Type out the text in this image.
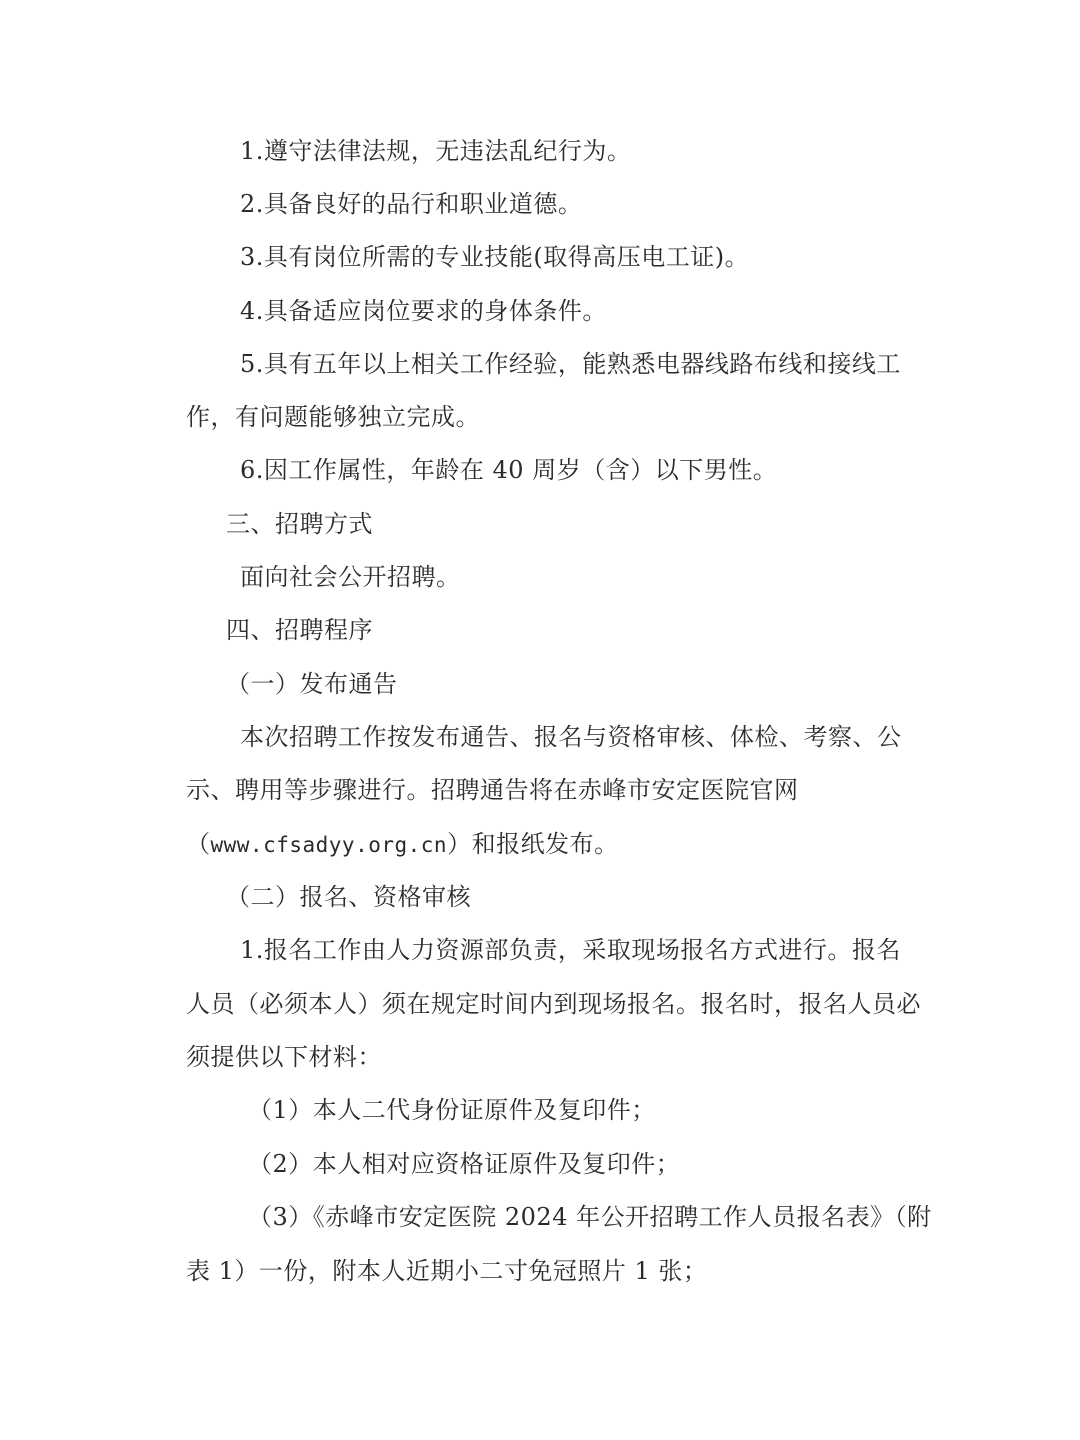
1.遵守法律法规，无违法乱纪行为。
2.具备良好的品行和职业道德。
3.具有岗位所需的专业技能(取得高压电工证)。
4.具备适应岗位要求的身体条件。
5.具有五年以上相关工作经验，能熟悉电器线路布线和接线工
作，有问题能够独立完成。
6.因工作属性，年龄在 40 周岁（含）以下男性。
三、招聘方式
面向社会公开招聘。
四、招聘程序
（一）发布通告
本次招聘工作按发布通告、报名与资格审核、体检、考察、公
示、聘用等步骤进行。招聘通告将在赤峰市安定医院官网
（www.cfsadyy.org.cn）和报纸发布。
（二）报名、资格审核
1.报名工作由人力资源部负责，采取现场报名方式进行。报名
人员（必须本人）须在规定时间内到现场报名。报名时，报名人员必
须提供以下材料：
（1）本人二代身份证原件及复印件；
（2）本人相对应资格证原件及复印件；
（3）《赤峰市安定医院 2024 年公开招聘工作人员报名表》（附
表 1）一份，附本人近期小二寸免冠照片 1 张；
